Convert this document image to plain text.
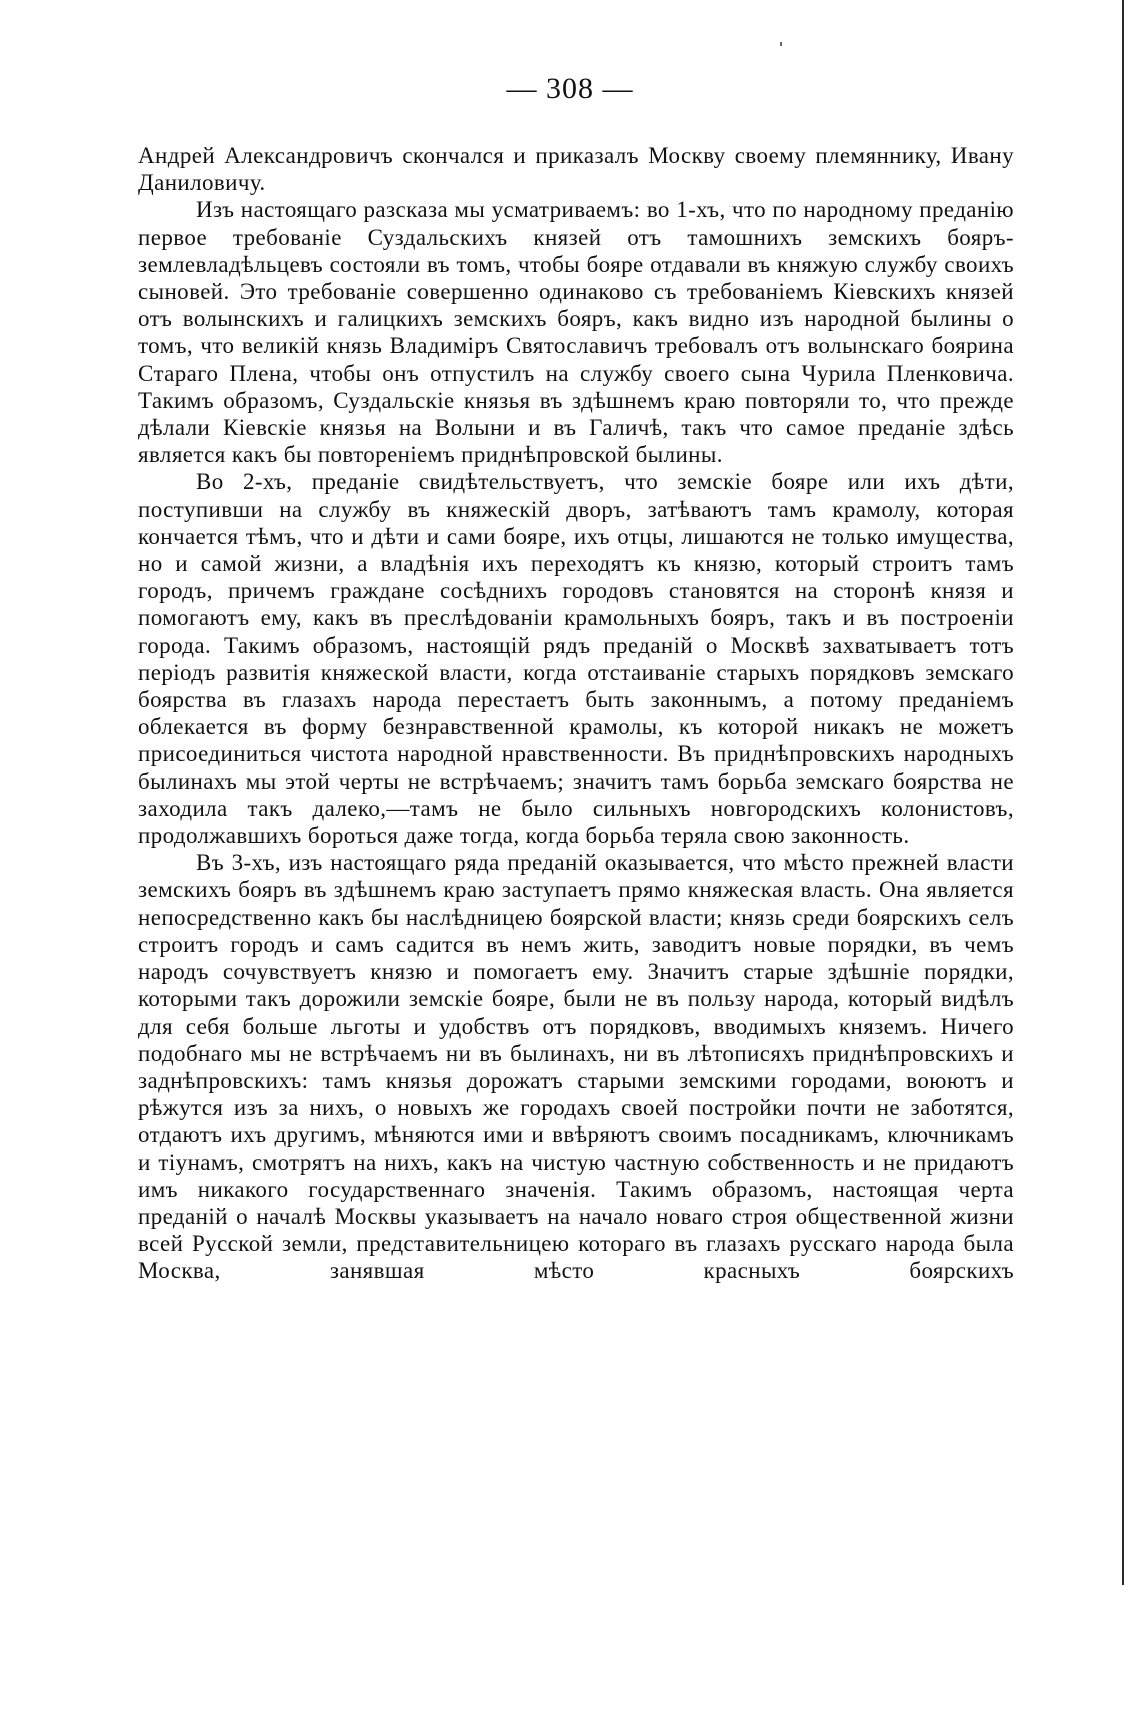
— 308 —

Андрей Александровичъ скончался и приказалъ Москву своему племяннику, Ивану Даниловичу.

Изъ настоящаго разсказа мы усматриваемъ: во 1-хъ, что по народному преданію первое требованіе Суздальскихъ князей отъ тамошнихъ земскихъ бояръ-землевладѣльцевъ состояли въ томъ, чтобы бояре отдавали въ княжую службу своихъ сыновей. Это требованіе совершенно одинаково съ требованіемъ Кіевскихъ князей отъ волынскихъ и галицкихъ земскихъ бояръ, какъ видно изъ народной былины о томъ, что великій князь Владиміръ Святославичъ требовалъ отъ волынскаго боярина Стараго Плена, чтобы онъ отпустилъ на службу своего сына Чурила Пленковича. Такимъ образомъ, Суздальскіе князья въ здѣшнемъ краю повторяли то, что прежде дѣлали Кіевскіе князья на Волыни и въ Галичѣ, такъ что самое преданіе здѣсь является какъ бы повтореніемъ приднѣпровской былины.

Во 2-хъ, преданіе свидѣтельствуетъ, что земскіе бояре или ихъ дѣти, поступивши на службу въ княжескій дворъ, затѣваютъ тамъ крамолу, которая кончается тѣмъ, что и дѣти и сами бояре, ихъ отцы, лишаются не только имущества, но и самой жизни, а владѣнія ихъ переходятъ къ князю, который строитъ тамъ городъ, причемъ граждане сосѣднихъ городовъ становятся на сторонѣ князя и помогаютъ ему, какъ въ преслѣдованіи крамольныхъ бояръ, такъ и въ построеніи города. Такимъ образомъ, настоящій рядъ преданій о Москвѣ захватываетъ тотъ періодъ развитія княжеской власти, когда отстаиваніе старыхъ порядковъ земскаго боярства въ глазахъ народа перестаетъ быть законнымъ, а потому преданіемъ облекается въ форму безнравственной крамолы, къ которой никакъ не можетъ присоединиться чистота народной нравственности. Въ приднѣпровскихъ народныхъ былинахъ мы этой черты не встрѣчаемъ; значитъ тамъ борьба земскаго боярства не заходила такъ далеко,—тамъ не было сильныхъ новгородскихъ колонистовъ, продолжавшихъ бороться даже тогда, когда борьба теряла свою законность.

Въ 3-хъ, изъ настоящаго ряда преданій оказывается, что мѣсто прежней власти земскихъ бояръ въ здѣшнемъ краю заступаетъ прямо княжеская власть. Она является непосредственно какъ бы наслѣдницею боярской власти; князь среди боярскихъ селъ строитъ городъ и самъ садится въ немъ жить, заводитъ новые порядки, въ чемъ народъ сочувствуетъ князю и помогаетъ ему. Значитъ старые здѣшніе порядки, которыми такъ дорожили земскіе бояре, были не въ пользу народа, который видѣлъ для себя больше льготы и удобствъ отъ порядковъ, вводимыхъ княземъ. Ничего подобнаго мы не встрѣчаемъ ни въ былинахъ, ни въ лѣтописяхъ приднѣпровскихъ и заднѣпровскихъ: тамъ князья дорожатъ старыми земскими городами, воюютъ и рѣжутся изъ за нихъ, о новыхъ же городахъ своей постройки почти не заботятся, отдаютъ ихъ другимъ, мѣняются ими и ввѣряютъ своимъ посадникамъ, ключникамъ и тіунамъ, смотрятъ на нихъ, какъ на чистую частную собственность и не придаютъ имъ никакого государственнаго значенія. Такимъ образомъ, настоящая черта преданій о началѣ Москвы указываетъ на начало новаго строя общественной жизни всей Русской земли, представительницею котораго въ глазахъ русскаго народа была Москва, занявшая мѣсто красныхъ боярскихъ
